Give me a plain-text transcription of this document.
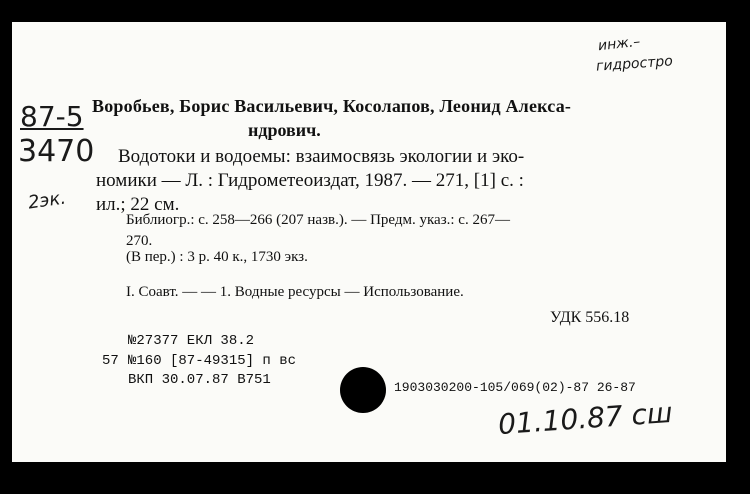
инж.–
гидростро
87-5
3470
2эк.
Воробьев, Борис Васильевич, Косолапов, Леонид Алекса-
ндрович.
Водотоки и водоемы: взаимосвязь экологии и эко-
номики — Л. : Гидрометеоиздат, 1987. — 271, [1] с. :
ил.; 22 см.
Библиогр.: с. 258—266 (207 назв.). — Предм. указ.: с. 267—
270.
(В пер.) : 3 р. 40 к., 1730 экз.
I. Соавт. — — 1. Водные ресурсы — Использование.
УДК 556.18
№27377 ЕКЛ 38.2
57 №160 [87-49315] п вс
ВКП 30.07.87 В751	1903030200-105/069(02)-87 26-87
01.10.87 сш
